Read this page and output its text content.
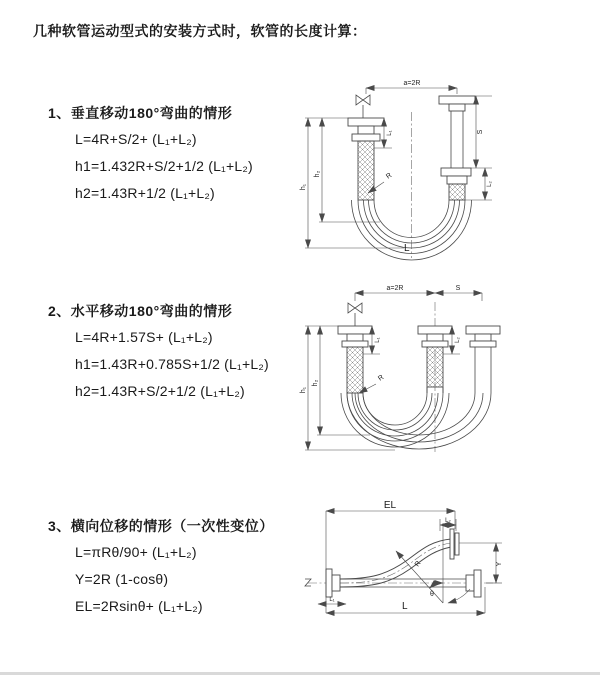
几种软管运动型式的安装方式时，软管的长度计算：
1、垂直移动180°弯曲的情形
L=4R+S/2+ (L₁+L₂)
h1=1.432R+S/2+1/2 (L₁+L₂)
h2=1.43R+1/2 (L₁+L₂)
2、水平移动180°弯曲的情形
L=4R+1.57S+ (L₁+L₂)
h1=1.43R+0.785S+1/2 (L₁+L₂)
h2=1.43R+S/2+1/2 (L₁+L₂)
3、横向位移的情形（一次性变位）
L=πRθ/90+ (L₁+L₂)
Y=2R (1-cosθ)
EL=2Rsinθ+ (L₁+L₂)
a=2R
h₁
h₂
L₁	S
L₂
R
L
a=2R	S
h₁
h₂
L₁	L₂
R
EL
L₂
Y
θ
R
L₁
L
